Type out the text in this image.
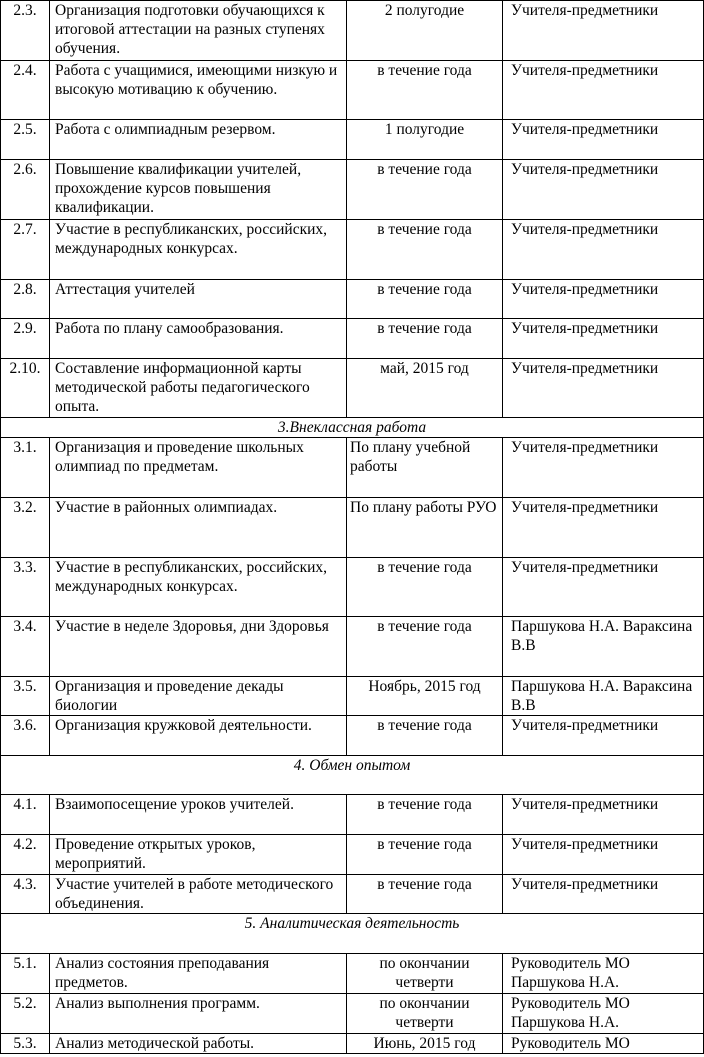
2.3.	Организация подготовки обучающихся к итоговой аттестации на разных ступенях обучения.	2 полугодие	Учителя-предметники
2.4.	Работа с учащимися, имеющими низкую и высокую мотивацию к обучению.	в течение года	Учителя-предметники
2.5.	Работа с олимпиадным резервом.	1 полугодие	Учителя-предметники
2.6.	Повышение квалификации учителей, прохождение курсов повышения квалификации.	в течение года	Учителя-предметники
2.7.	Участие в республиканских, российских, международных конкурсах.	в течение года	Учителя-предметники
2.8.	Аттестация учителей	в течение года	Учителя-предметники
2.9.	Работа по плану самообразования.	в течение года	Учителя-предметники
2.10.	Составление информационной карты методической работы педагогического опыта.	май, 2015 год	Учителя-предметники
3.Внеклассная работа			
3.1.	Организация и проведение школьных олимпиад по предметам.	По плану учебной работы	Учителя-предметники
3.2.	Участие в районных олимпиадах.	По плану работы РУО	Учителя-предметники
3.3.	Участие в республиканских, российских, международных конкурсах.	в течение года	Учителя-предметники
3.4.	Участие в неделе Здоровья, дни Здоровья	в течение года	Паршукова Н.А. Вараксина В.В
3.5.	Организация и проведение декады биологии	Ноябрь, 2015 год	Паршукова Н.А. Вараксина В.В
3.6.	Организация кружковой деятельности.	в течение года	Учителя-предметники
4. Обмен опытом			
4.1.	Взаимопосещение уроков учителей.	в течение года	Учителя-предметники
4.2.	Проведение открытых уроков, мероприятий.	в течение года	Учителя-предметники
4.3.	Участие учителей в работе методического объединения.	в течение года	Учителя-предметники
5. Аналитическая деятельность			
5.1.	Анализ состояния преподавания предметов.	по окончании четверти	Руководитель МО Паршукова Н.А.
5.2.	Анализ выполнения программ.	по окончании четверти	Руководитель МО Паршукова Н.А.
5.3.	Анализ методической работы.	Июнь, 2015 год	Руководитель МО
